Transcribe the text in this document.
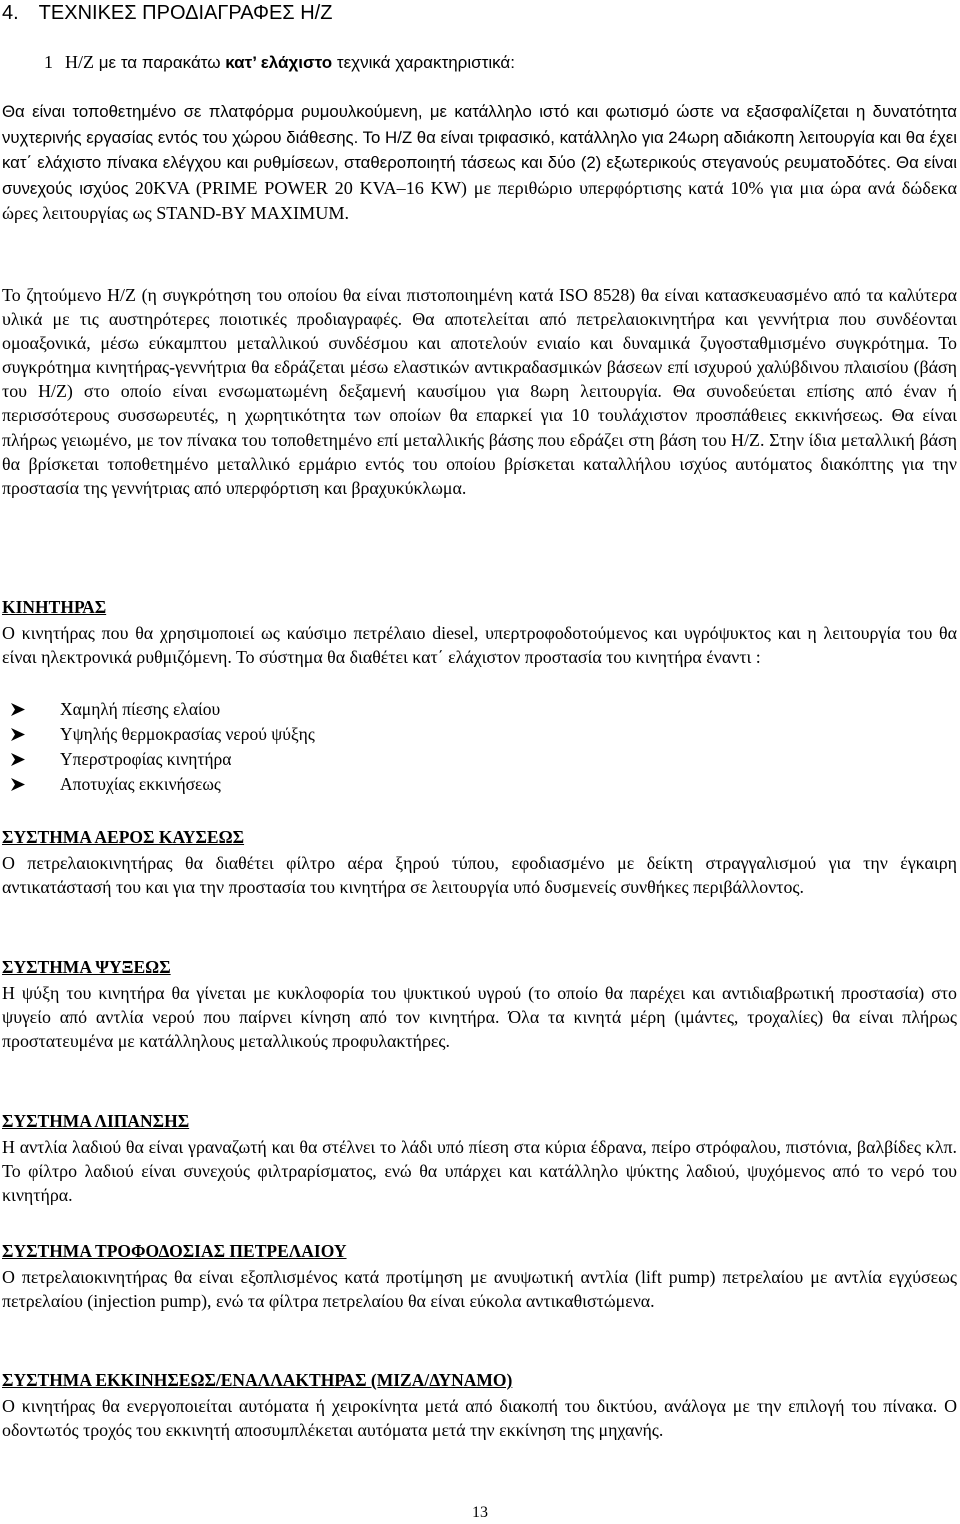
4. ΤΕΧΝΙΚΕΣ ΠΡΟΔΙΑΓΡΑΦΕΣ Η/Ζ
1 Η/Ζ με τα παρακάτω κατ’ ελάχιστο τεχνικά χαρακτηριστικά:
Θα είναι τοποθετημένο σε πλατφόρμα ρυμουλκούμενη, με κατάλληλο ιστό και φωτισμό ώστε να εξασφαλίζεται η δυνατότητα νυχτερινής εργασίας εντός του χώρου διάθεσης. Το Η/Ζ θα είναι τριφασικό, κατάλληλο για 24ωρη αδιάκοπη λειτουργία και θα έχει κατ΄ ελάχιστο πίνακα ελέγχου και ρυθμίσεων, σταθεροποιητή τάσεως και δύο (2) εξωτερικούς στεγανούς ρευματοδότες. Θα είναι συνεχούς ισχύος 20KVA (PRIME POWER 20 KVA–16 KW) με περιθώριο υπερφόρτισης κατά 10% για μια ώρα ανά δώδεκα ώρες λειτουργίας ως STAND-BY MAXIMUM.
Το ζητούμενο Η/Ζ (η συγκρότηση του οποίου θα είναι πιστοποιημένη κατά ISO 8528) θα είναι κατασκευασμένο από τα καλύτερα υλικά με τις αυστηρότερες ποιοτικές προδιαγραφές. Θα αποτελείται από πετρελαιοκινητήρα και γεννήτρια που συνδέονται ομοαξονικά, μέσω εύκαμπτου μεταλλικού συνδέσμου και αποτελούν ενιαίο και δυναμικά ζυγοσταθμισμένο συγκρότημα. Το συγκρότημα κινητήρας-γεννήτρια θα εδράζεται μέσω ελαστικών αντικραδασμικών βάσεων επί ισχυρού χαλύβδινου πλαισίου (βάση του Η/Ζ) στο οποίο είναι ενσωματωμένη δεξαμενή καυσίμου για 8ωρη λειτουργία. Θα συνοδεύεται επίσης από έναν ή περισσότερους συσσωρευτές, η χωρητικότητα των οποίων θα επαρκεί για 10 τουλάχιστον προσπάθειες εκκινήσεως. Θα είναι πλήρως γειωμένο, με τον πίνακα του τοποθετημένο επί μεταλλικής βάσης που εδράζει στη βάση του Η/Ζ. Στην ίδια μεταλλική βάση θα βρίσκεται τοποθετημένο μεταλλικό ερμάριο εντός του οποίου βρίσκεται καταλλήλου ισχύος αυτόματος διακόπτης για την προστασία της γεννήτριας από υπερφόρτιση και βραχυκύκλωμα.
ΚΙΝΗΤΗΡΑΣ
Ο κινητήρας που θα χρησιμοποιεί ως καύσιμο πετρέλαιο diesel, υπερτροφοδοτούμενος και υγρόψυκτος και η λειτουργία του θα είναι ηλεκτρονικά ρυθμιζόμενη. Το σύστημα θα διαθέτει κατ΄ ελάχιστον προστασία του κινητήρα έναντι :
Χαμηλή πίεσης ελαίου
Υψηλής θερμοκρασίας νερού ψύξης
Υπερστροφίας κινητήρα
Αποτυχίας εκκινήσεως
ΣΥΣΤΗΜΑ ΑΕΡΟΣ ΚΑΥΣΕΩΣ
Ο πετρελαιοκινητήρας θα διαθέτει φίλτρο αέρα ξηρού τύπου, εφοδιασμένο με δείκτη στραγγαλισμού για την έγκαιρη αντικατάστασή του και για την προστασία του κινητήρα σε λειτουργία υπό δυσμενείς συνθήκες περιβάλλοντος.
ΣΥΣΤΗΜΑ ΨΥΞΕΩΣ
Η ψύξη του κινητήρα θα γίνεται με κυκλοφορία του ψυκτικού υγρού (το οποίο θα παρέχει και αντιδιαβρωτική προστασία) στο ψυγείο από αντλία νερού που παίρνει κίνηση από τον κινητήρα. Όλα τα κινητά μέρη (ιμάντες, τροχαλίες) θα είναι πλήρως προστατευμένα με κατάλληλους μεταλλικούς προφυλακτήρες.
ΣΥΣΤΗΜΑ ΛΙΠΑΝΣΗΣ
Η αντλία λαδιού θα είναι γραναζωτή και θα στέλνει το λάδι υπό πίεση στα κύρια έδρανα, πείρο στρόφαλου, πιστόνια, βαλβίδες κλπ. Το φίλτρο λαδιού είναι συνεχούς φιλτραρίσματος, ενώ θα υπάρχει και κατάλληλο ψύκτης λαδιού, ψυχόμενος από το νερό του κινητήρα.
ΣΥΣΤΗΜΑ ΤΡΟΦΟΔΟΣΙΑΣ ΠΕΤΡΕΛΑΙΟΥ
Ο πετρελαιοκινητήρας θα είναι εξοπλισμένος κατά προτίμηση με ανυψωτική αντλία (lift pump) πετρελαίου με αντλία εγχύσεως πετρελαίου (injection pump), ενώ τα φίλτρα πετρελαίου θα είναι εύκολα αντικαθιστώμενα.
ΣΥΣΤΗΜΑ ΕΚΚΙΝΗΣΕΩΣ/ΕΝΑΛΛΑΚΤΗΡΑΣ (ΜΙΖΑ/ΔΥΝΑΜΟ)
Ο κινητήρας θα ενεργοποιείται αυτόματα ή χειροκίνητα μετά από διακοπή του δικτύου, ανάλογα με την επιλογή του πίνακα. Ο οδοντωτός τροχός του εκκινητή αποσυμπλέκεται αυτόματα μετά την εκκίνηση της μηχανής.
13
